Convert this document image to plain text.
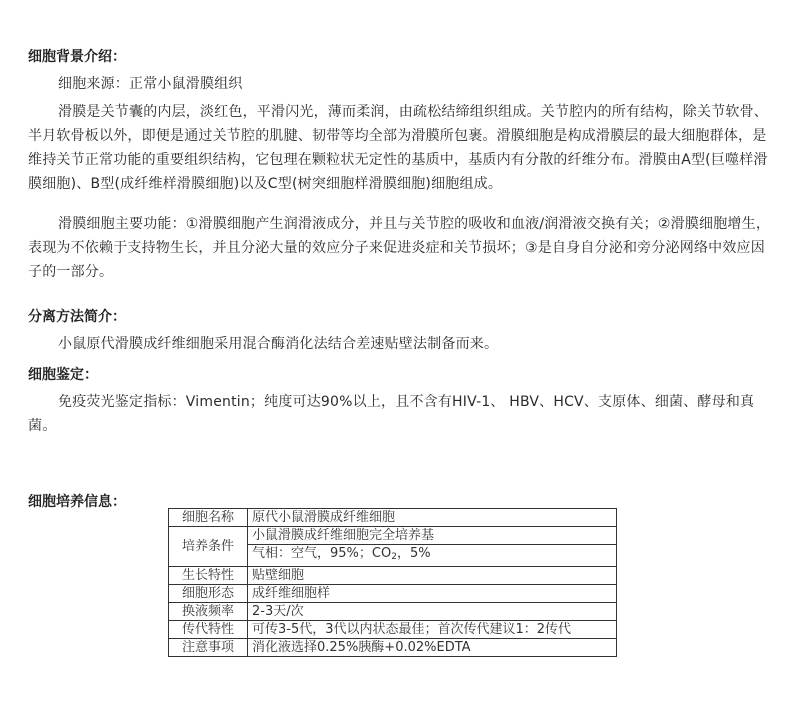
细胞背景介绍：

细胞来源：正常小鼠滑膜组织

滑膜是关节囊的内层，淡红色，平滑闪光，薄而柔润，由疏松结缔组织组成。关节腔内的所有结构，除关节软骨、半月软骨板以外，即便是通过关节腔的肌腱、韧带等均全部为滑膜所包裹。滑膜细胞是构成滑膜层的最大细胞群体，是维持关节正常功能的重要组织结构，它包理在颗粒状无定性的基质中，基质内有分散的纤维分布。滑膜由A型(巨噬样滑膜细胞)、B型(成纤维样滑膜细胞)以及C型(树突细胞样滑膜细胞)细胞组成。

滑膜细胞主要功能：①滑膜细胞产生润滑液成分，并且与关节腔的吸收和血液/润滑液交换有关；②滑膜细胞增生，表现为不依赖于支持物生长，并且分泌大量的效应分子来促进炎症和关节损坏；③是自身自分泌和旁分泌网络中效应因子的一部分。

分离方法简介：

小鼠原代滑膜成纤维细胞采用混合酶消化法结合差速贴壁法制备而来。

细胞鉴定：

免疫荧光鉴定指标：Vimentin；纯度可达90%以上，且不含有HIV-1、 HBV、HCV、支原体、细菌、酵母和真菌。

细胞培养信息：
细胞名称	原代小鼠滑膜成纤维细胞
培养条件	小鼠滑膜成纤维细胞完全培养基
	气相：空气，95%；$CO_2$，5%
生长特性	贴壁细胞
细胞形态	成纤维细胞样
换液频率	2-3天/次
传代特性	可传3-5代，3代以内状态最佳；首次传代建议1：2传代
注意事项	消化液选择0.25%胰酶+0.02%EDTA
